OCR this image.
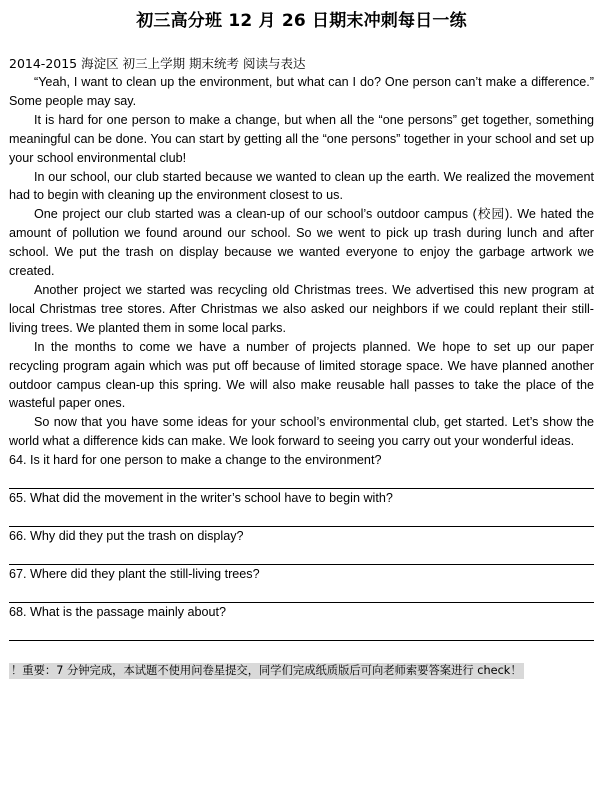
初三高分班 12 月 26 日期末冲刺每日一练
2014-2015 海淀区 初三上学期 期末统考 阅读与表达

“Yeah, I want to clean up the environment, but what can I do? One person can’t make a difference.” Some people may say.

It is hard for one person to make a change, but when all the “one persons” get together, something meaningful can be done. You can start by getting all the “one persons” together in your school and set up your school environmental club!

In our school, our club started because we wanted to clean up the earth. We realized the movement had to begin with cleaning up the environment closest to us.

One project our club started was a clean-up of our school’s outdoor campus (校园). We hated the amount of pollution we found around our school. So we went to pick up trash during lunch and after school. We put the trash on display because we wanted everyone to enjoy the garbage artwork we created.

Another project we started was recycling old Christmas trees. We advertised this new program at local Christmas tree stores. After Christmas we also asked our neighbors if we could replant their still-living trees. We planted them in some local parks.

In the months to come we have a number of projects planned. We hope to set up our paper recycling program again which was put off because of limited storage space. We have planned another outdoor campus clean-up this spring. We will also make reusable hall passes to take the place of the wasteful paper ones.

So now that you have some ideas for your school’s environmental club, get started. Let’s show the world what a difference kids can make. We look forward to seeing you carry out your wonderful ideas.

64. Is it hard for one person to make a change to the environment?
65. What did the movement in the writer’s school have to begin with?
66. Why did they put the trash on display?
67. Where did they plant the still-living trees?
68. What is the passage mainly about?
！重要：7 分钟完成，本试题不使用问卷星提交，同学们完成纸质版后可向老师索要答案进行 check！
